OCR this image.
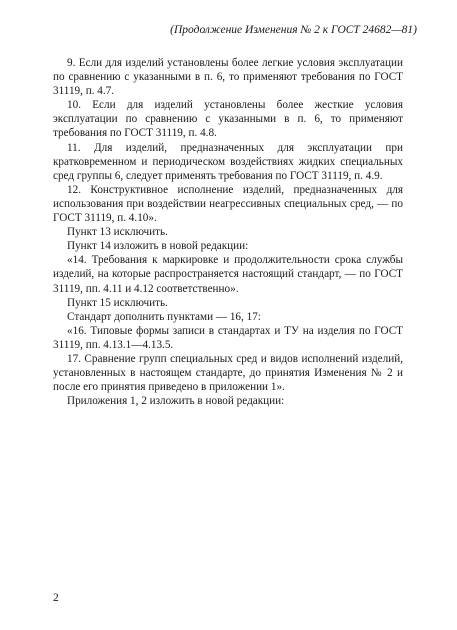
(Продолжение Изменения № 2 к ГОСТ 24682—81)

9. Если для изделий установлены более легкие условия эксплуатации по сравнению с указанными в п. 6, то применяют требования по ГОСТ 31119, п. 4.7.

10. Если для изделий установлены более жесткие условия эксплуатации по сравнению с указанными в п. 6, то применяют требования по ГОСТ 31119, п. 4.8.

11. Для изделий, предназначенных для эксплуатации при кратковременном и периодическом воздействиях жидких специальных сред группы 6, следует применять требования по ГОСТ 31119, п. 4.9.

12. Конструктивное исполнение изделий, предназначенных для использования при воздействии неагрессивных специальных сред, — по ГОСТ 31119, п. 4.10».

Пункт 13 исключить.

Пункт 14 изложить в новой редакции:

«14. Требования к маркировке и продолжительности срока службы изделий, на которые распространяется настоящий стандарт, — по ГОСТ 31119, пп. 4.11 и 4.12 соответственно».

Пункт 15 исключить.

Стандарт дополнить пунктами — 16, 17:

«16. Типовые формы записи в стандартах и ТУ на изделия по ГОСТ 31119, пп. 4.13.1—4.13.5.

17. Сравнение групп специальных сред и видов исполнений изделий, установленных в настоящем стандарте, до принятия Изменения № 2 и после его принятия приведено в приложении 1».

Приложения 1, 2 изложить в новой редакции:

2
